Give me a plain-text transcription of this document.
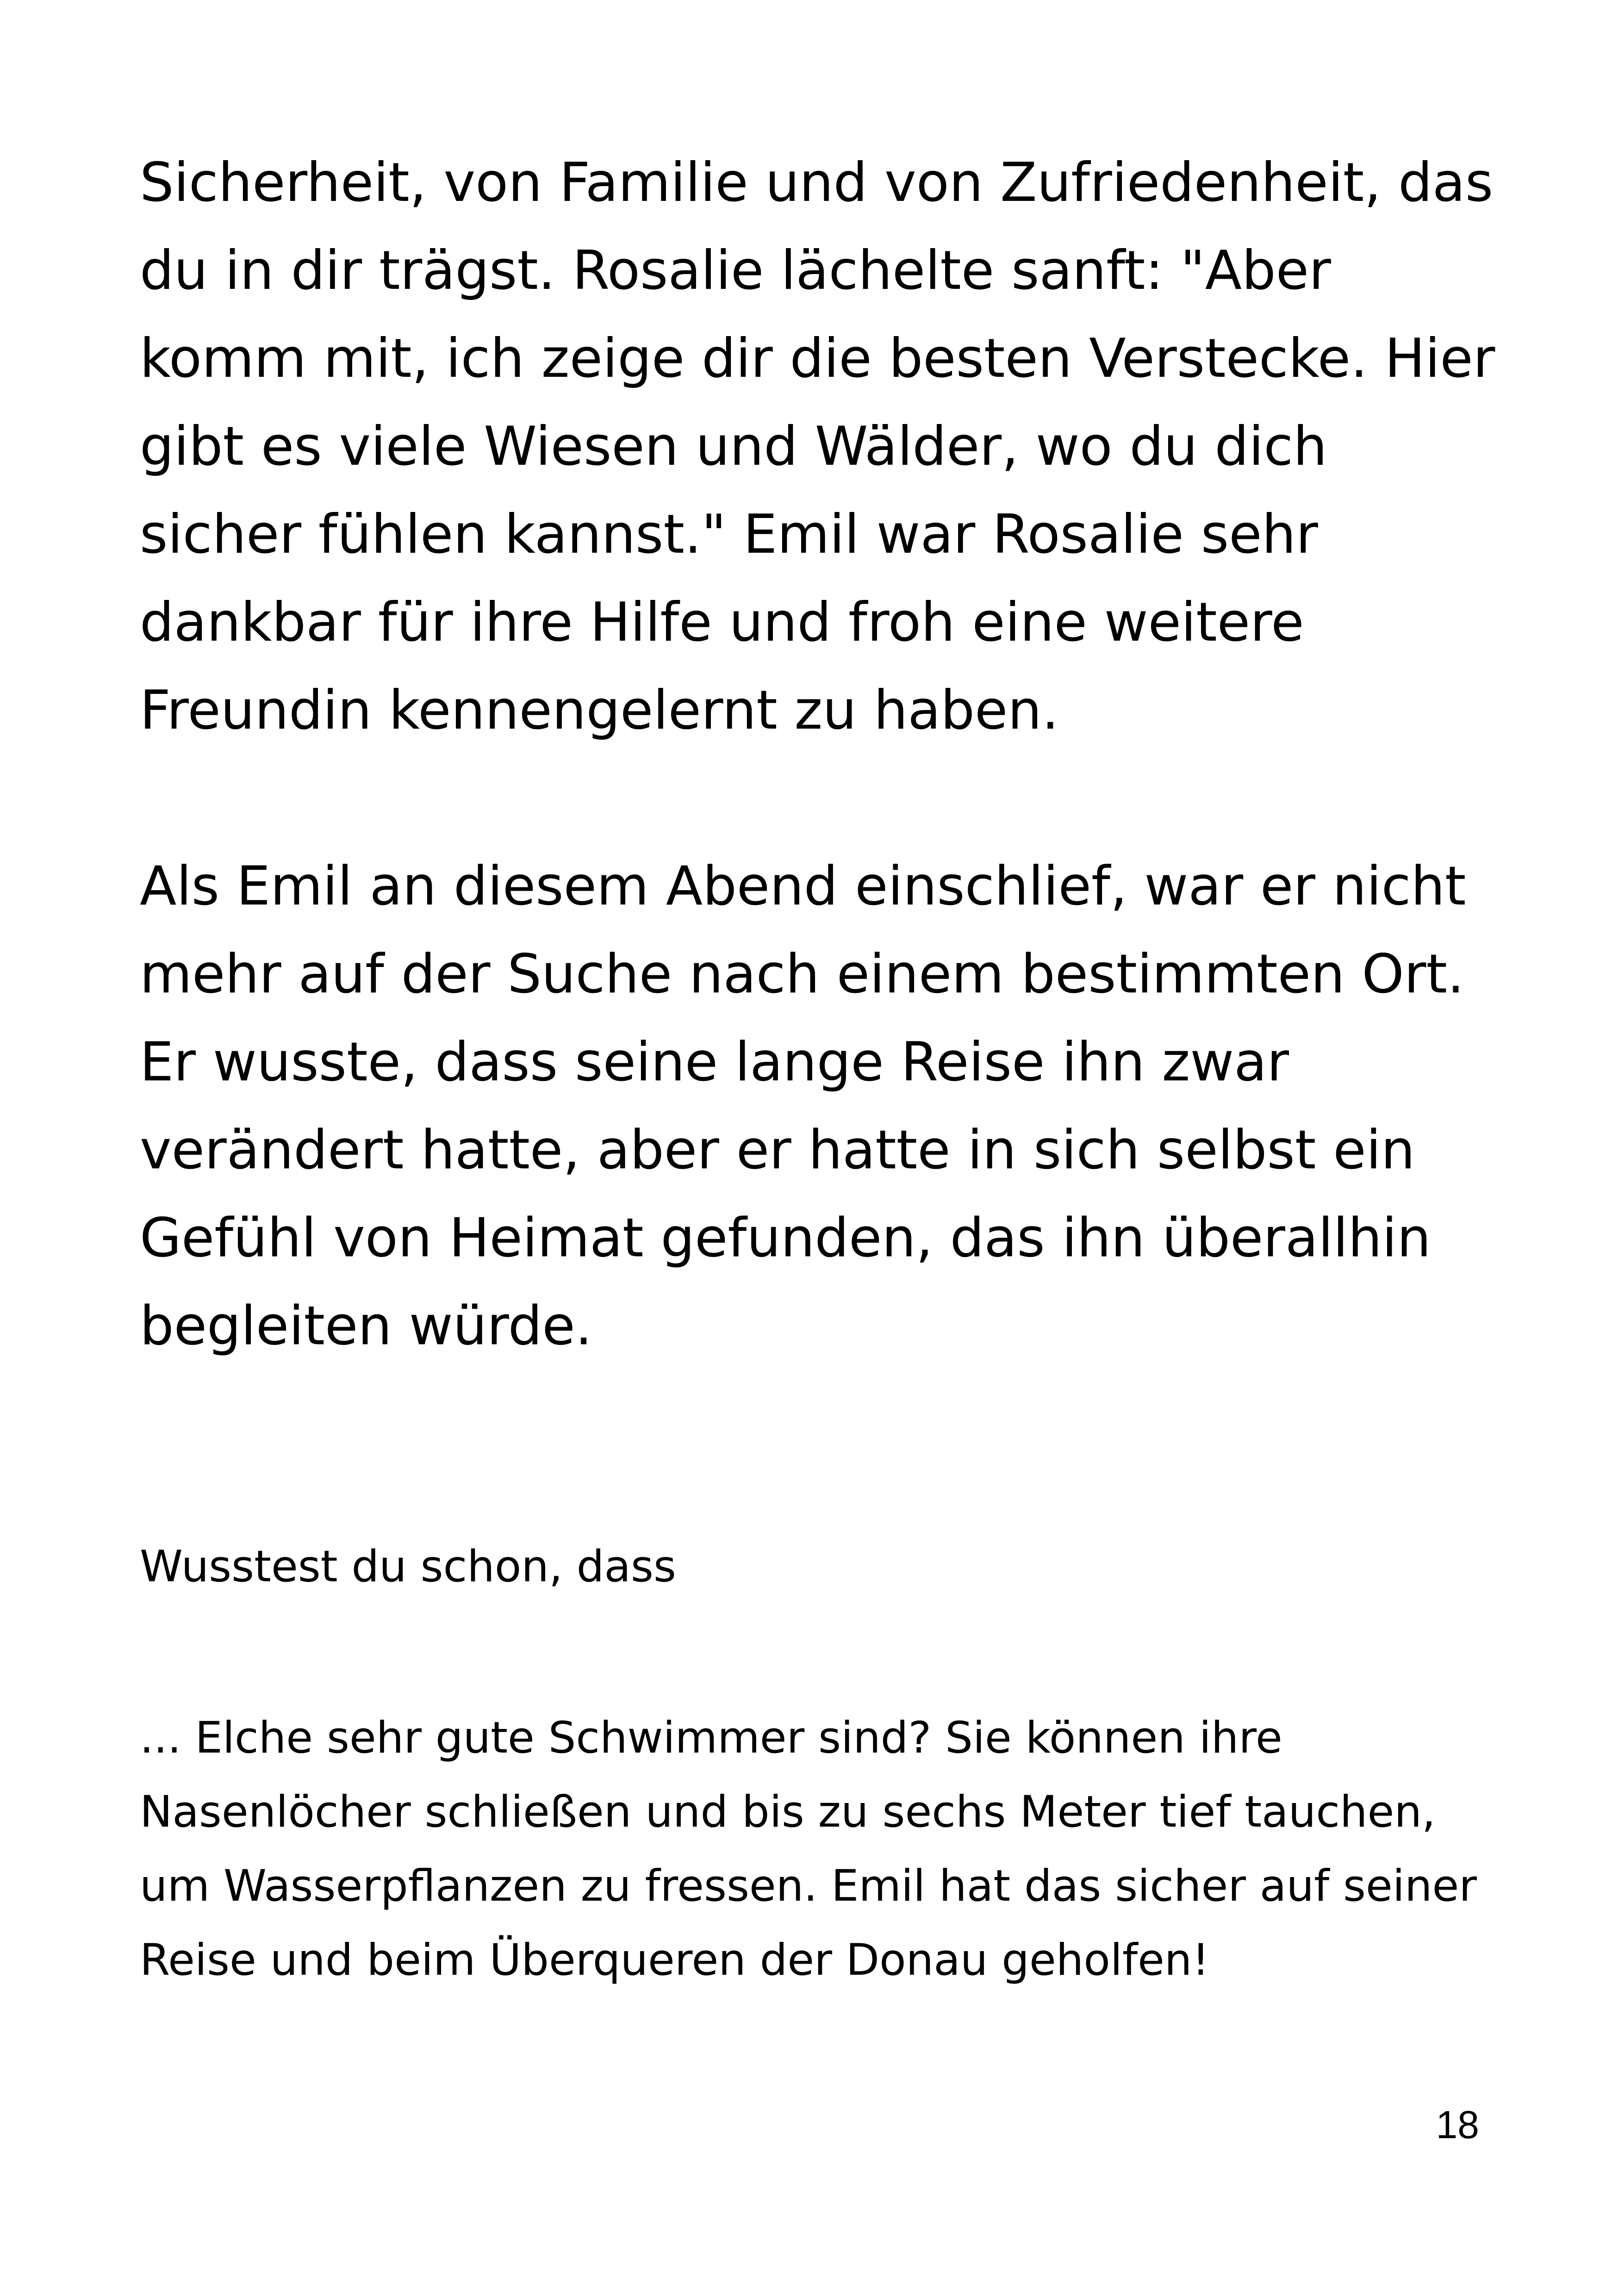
Sicherheit, von Familie und von Zufriedenheit, das du in dir trägst. Rosalie lächelte sanft: "Aber komm mit, ich zeige dir die besten Verstecke. Hier gibt es viele Wiesen und Wälder, wo du dich sicher fühlen kannst." Emil war Rosalie sehr dankbar für ihre Hilfe und froh eine weitere Freundin kennengelernt zu haben.

Als Emil an diesem Abend einschlief, war er nicht mehr auf der Suche nach einem bestimmten Ort. Er wusste, dass seine lange Reise ihn zwar verändert hatte, aber er hatte in sich selbst ein Gefühl von Heimat gefunden, das ihn überallhin begleiten würde.

Wusstest du schon, dass

... Elche sehr gute Schwimmer sind? Sie können ihre Nasenlöcher schließen und bis zu sechs Meter tief tauchen, um Wasserpflanzen zu fressen. Emil hat das sicher auf seiner Reise und beim Überqueren der Donau geholfen!

18
